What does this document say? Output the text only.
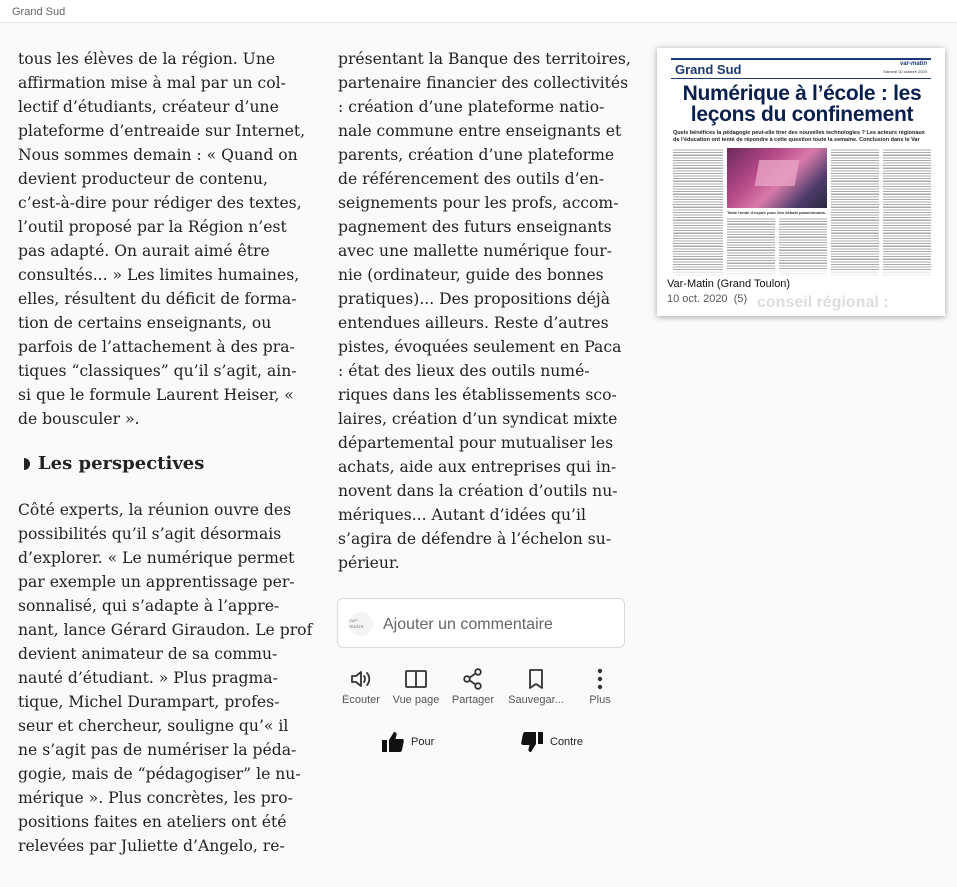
Grand Sud

tous les élèves de la région. Une
affirmation mise à mal par un col-
lectif d’étudiants, créateur d’une
plateforme d’entreaide sur Internet,
Nous sommes demain : « Quand on
devient producteur de contenu,
c’est-à-dire pour rédiger des textes,
l’outil proposé par la Région n’est
pas adapté. On aurait aimé être
consultés... » Les limites humaines,
elles, résultent du déficit de forma-
tion de certains enseignants, ou
parfois de l’attachement à des pra-
tiques “classiques” qu’il s’agit, ain-
si que le formule Laurent Heiser, «
de bousculer ».

Les perspectives

Côté experts, la réunion ouvre des
possibilités qu’il s’agit désormais
d’explorer. « Le numérique permet
par exemple un apprentissage per-
sonnalisé, qui s’adapte à l’appre-
nant, lance Gérard Giraudon. Le prof
devient animateur de sa commu-
nauté d’étudiant. » Plus pragma-
tique, Michel Durampart, profes-
seur et chercheur, souligne qu’« il
ne s’agit pas de numériser la péda-
gogie, mais de “pédagogiser” le nu-
mérique ». Plus concrètes, les pro-
positions faites en ateliers ont été
relevées par Juliette d’Angelo, re-

présentant la Banque des territoires,
partenaire financier des collectivités
: création d’une plateforme natio-
nale commune entre enseignants et
parents, création d’une plateforme
de référencement des outils d’en-
seignements pour les profs, accom-
pagnement des futurs enseignants
avec une mallette numérique four-
nie (ordinateur, guide des bonnes
pratiques)... Des propositions déjà
entendues ailleurs. Reste d’autres
pistes, évoquées seulement en Paca
: état des lieux des outils numé-
riques dans les établissements sco-
laires, création d’un syndicat mixte
départemental pour mutualiser les
achats, aide aux entreprises qui in-
novent dans la création d’outils nu-
mériques... Autant d’idées qu’il
s’agira de défendre à l’échelon su-
périeur.

var-matin	Ajouter un commentaire
Écouter	Vue page	Partager	Sauvegar...	Plus
Pour	Contre
Grand Sud	var-matin
Samedi 10 octobre 2020
Numérique à l’école : les leçons du confinement
Quels bénéfices la pédagogie peut-elle tirer des nouvelles technologies ? Les acteurs régionaux de l’éducation ont tenté de répondre à cette question toute la semaine. Conclusion dans le Var
Table ronde d’espoir pour des débats passionnants.
conseil régional :
Var-Matin (Grand Toulon)
10 oct. 2020 (5)
